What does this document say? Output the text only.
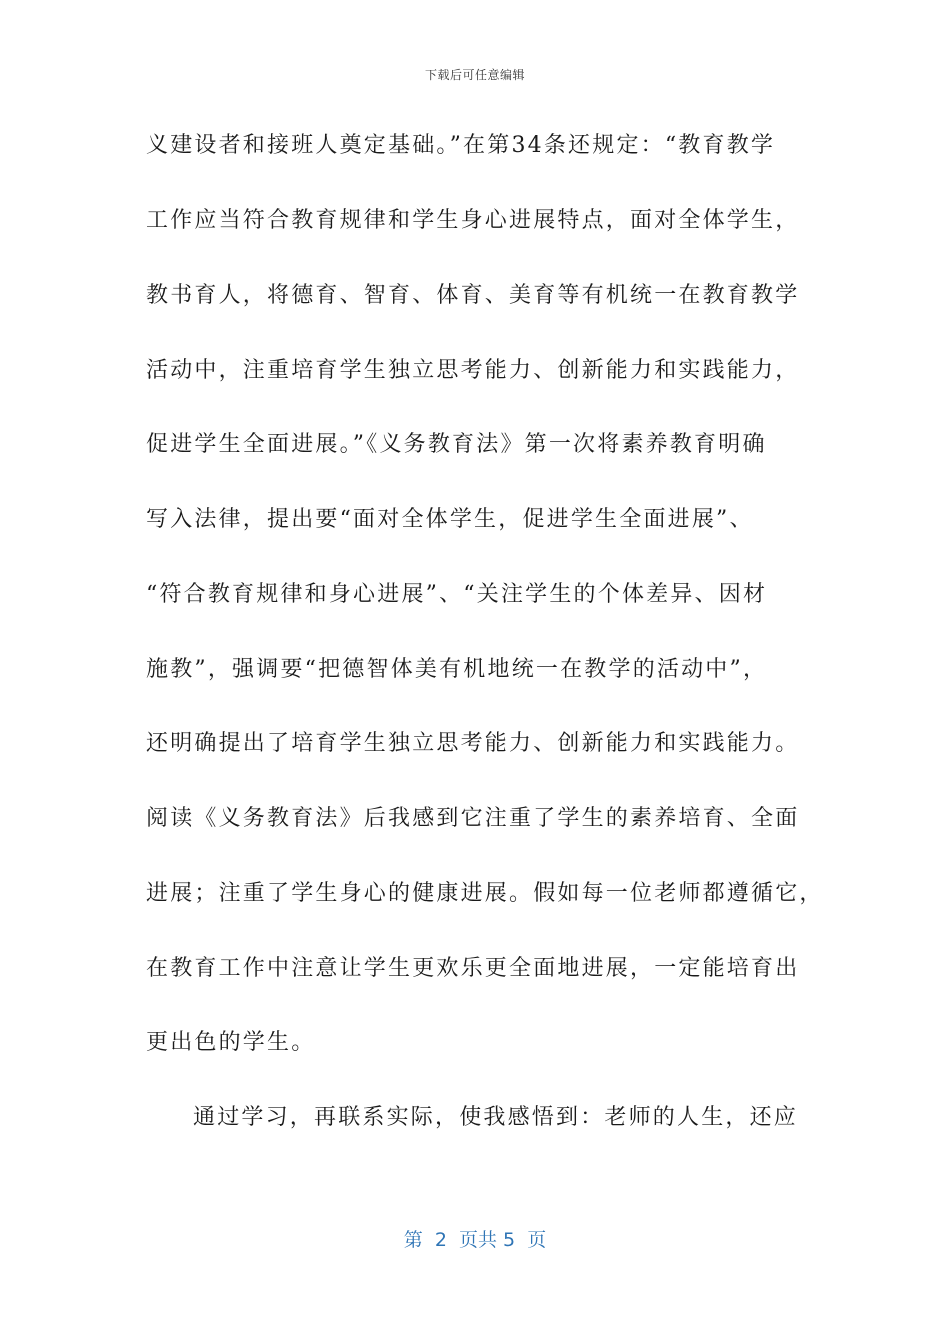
下载后可任意编辑
义建设者和接班人奠定基础。”在第34条还规定：“教育教学
工作应当符合教育规律和学生身心进展特点，面对全体学生，
教书育人，将德育、智育、体育、美育等有机统一在教育教学
活动中，注重培育学生独立思考能力、创新能力和实践能力，
促进学生全面进展。”《义务教育法》第一次将素养教育明确
写入法律，提出要“面对全体学生，促进学生全面进展”、
“符合教育规律和身心进展”、“关注学生的个体差异、因材
施教”，强调要“把德智体美有机地统一在教学的活动中”，
还明确提出了培育学生独立思考能力、创新能力和实践能力。
阅读《义务教育法》后我感到它注重了学生的素养培育、全面
进展；注重了学生身心的健康进展。假如每一位老师都遵循它，
在教育工作中注意让学生更欢乐更全面地进展，一定能培育出
更出色的学生。
通过学习，再联系实际，使我感悟到：老师的人生，还应
第  2  页共 5  页
